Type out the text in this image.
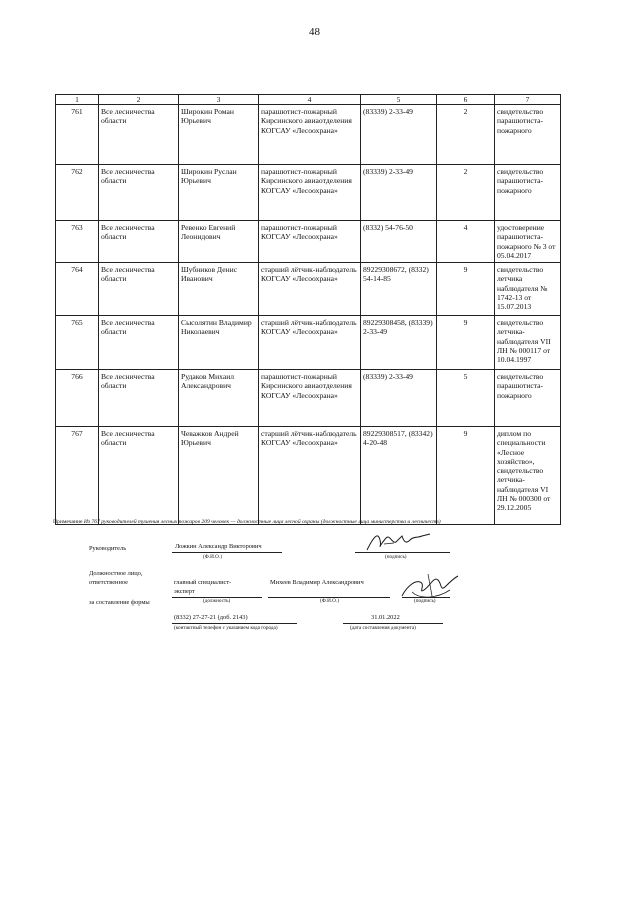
48
1	2	3	4	5	6	7
761	Все лесничества области	Широкин Роман Юрьевич	парашютист-пожарный Кирсинского авиаотделения КОГСАУ «Лесоохрана»	(83339) 2-33-49	2	свидетельство парашютиста-пожарного
762	Все лесничества области	Широкин Руслан Юрьевич	парашютист-пожарный Кирсинского авиаотделения КОГСАУ «Лесоохрана»	(83339) 2-33-49	2	свидетельство парашютиста-пожарного
763	Все лесничества области	Ревенко Евгений Леонидович	парашютист-пожарный КОГСАУ «Лесоохрана»	(8332) 54-76-50	4	удостоверение парашютиста-пожарного № 3 от 05.04.2017
764	Все лесничества области	Шубников Денис Иванович	старший лётчик-наблюдатель КОГСАУ «Лесоохрана»	89229308672, (8332) 54-14-85	9	свидетельство летчика наблюдателя № 1742-13 от 15.07.2013
765	Все лесничества области	Сысолятин Владимир Николаевич	старший лётчик-наблюдатель КОГСАУ «Лесоохрана»	89229308458, (83339) 2-33-49	9	свидетельство летчика-наблюдателя VII ЛН № 000117 от 10.04.1997
766	Все лесничества области	Рудаков Михаил Александрович	парашютист-пожарный Кирсинского авиаотделения КОГСАУ «Лесоохрана»	(83339) 2-33-49	5	свидетельство парашютиста-пожарного
767	Все лесничества области	Чеважков Андрей Юрьевич	старший лётчик-наблюдатель КОГСАУ «Лесоохрана»	89229308517, (83342) 4-20-48	9	диплом по специальности «Лесное хозяйство», свидетельство летчика-наблюдателя VI ЛН № 000300 от 29.12.2005
Примечание Из 767 руководителей тушения лесных пожаров 209 человек — должностные лица лесной охраны (должностные лица министерства и лесничеств)
Руководитель	Ложкин Александр Викторович
(Ф.И.О.)	(подпись)
Должностное лицо,
ответственное	главный специалист-
эксперт
(должность)
Михеев Владимир Александрович
(Ф.И.О.)	(подпись)
за составление формы
(8332) 27-27-21 (доб. 2143)
(контактный телефон с указанием кода города)
31.01.2022
(дата составления документа)
